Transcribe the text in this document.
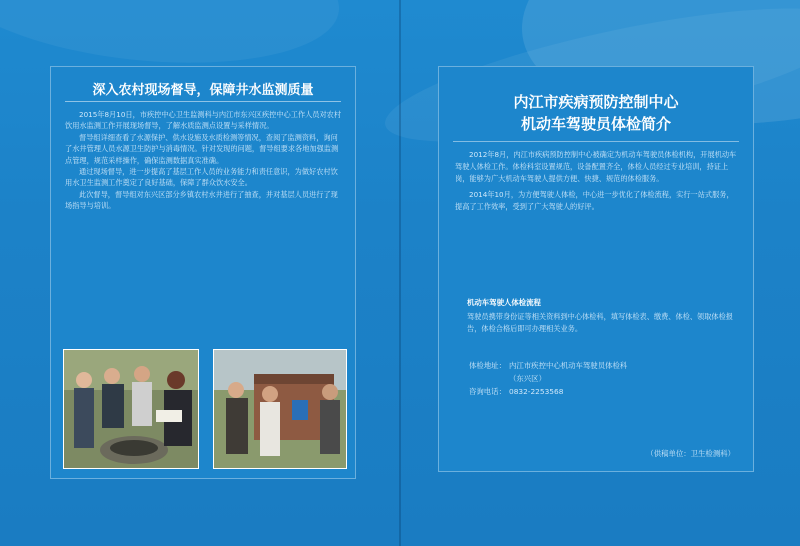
深入农村现场督导，保障井水监测质量

2015年8月10日，市疾控中心卫生监测科与内江市东兴区疾控中心工作人员对农村饮用水监测工作开展现场督导，了解水质监测点设置与采样情况。

督导组详细查看了水源保护、供水设施及水质检测等情况，查阅了监测资料，询问了水井管理人员水源卫生防护与消毒情况。针对发现的问题，督导组要求各地加强监测点管理，规范采样操作，确保监测数据真实准确。

通过现场督导，进一步提高了基层工作人员的业务能力和责任意识，为做好农村饮用水卫生监测工作奠定了良好基础，保障了群众饮水安全。

此次督导，督导组对东兴区部分乡镇农村水井进行了抽查，并对基层人员进行了现场指导与培训。

内江市疾病预防控制中心
机动车驾驶员体检简介

2012年8月，内江市疾病预防控制中心被确定为机动车驾驶员体检机构，开展机动车驾驶人体检工作。体检科室设置规范，设备配置齐全，体检人员经过专业培训，持证上岗，能够为广大机动车驾驶人提供方便、快捷、规范的体检服务。

2014年10月，为方便驾驶人体检，中心进一步优化了体检流程，实行一站式服务，提高了工作效率，受到了广大驾驶人的好评。

机动车驾驶人体检流程
驾驶员携带身份证等相关资料到中心体检科，填写体检表、缴费、体检、领取体检报告，体检合格后即可办理相关业务。
体检地址： 内江市疾控中心机动车驾驶员体检科
（东兴区）
咨询电话： 0832-2253568
（供稿单位：卫生检测科）
